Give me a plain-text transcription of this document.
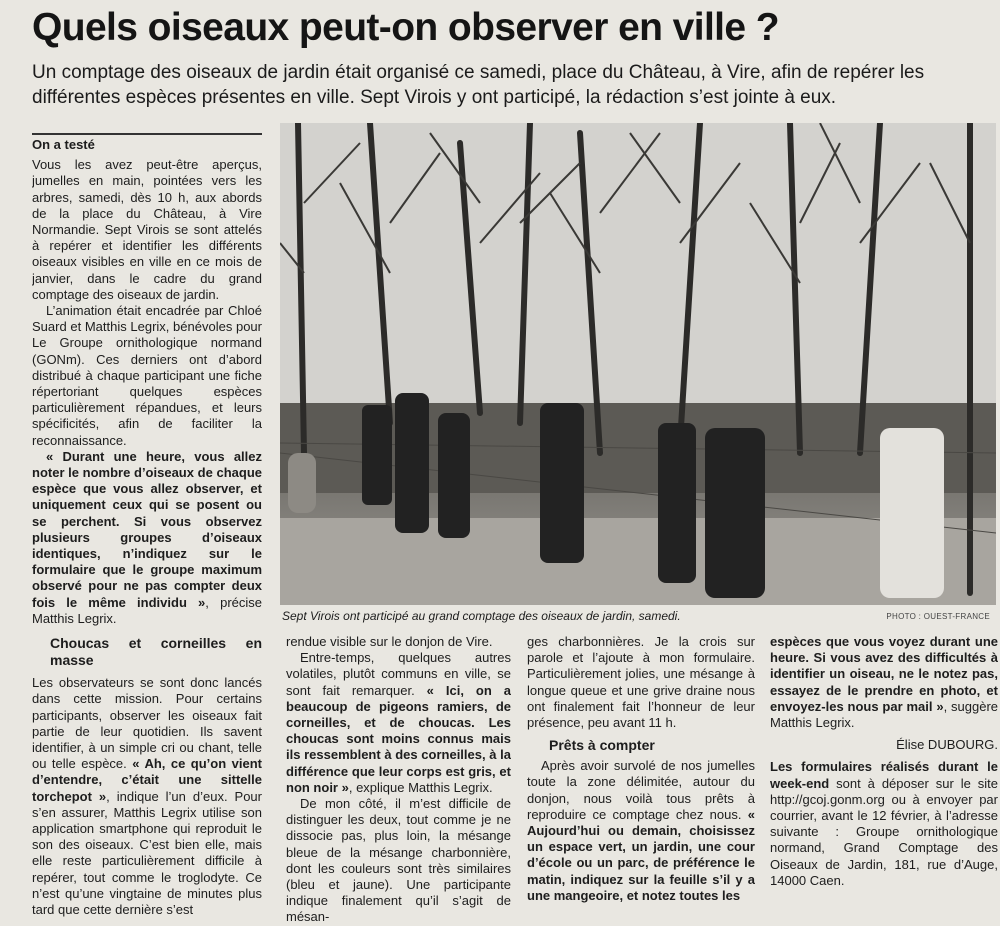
Quels oiseaux peut-on observer en ville ?
Un comptage des oiseaux de jardin était organisé ce samedi, place du Château, à Vire, afin de repérer les différentes espèces présentes en ville. Sept Virois y ont participé, la rédaction s’est jointe à eux.
On a testé

Vous les avez peut-être aperçus, jumelles en main, pointées vers les arbres, samedi, dès 10 h, aux abords de la place du Château, à Vire Normandie. Sept Virois se sont attelés à repérer et identifier les différents oiseaux visibles en ville en ce mois de janvier, dans le cadre du grand comptage des oiseaux de jardin.

L’animation était encadrée par Chloé Suard et Matthis Legrix, bénévoles pour Le Groupe ornithologique normand (GONm). Ces derniers ont d’abord distribué à chaque participant une fiche répertoriant quelques espèces particulièrement répandues, et leurs spécificités, afin de faciliter la reconnaissance.

« Durant une heure, vous allez noter le nombre d’oiseaux de chaque espèce que vous allez observer, et uniquement ceux qui se posent ou se perchent. Si vous observez plusieurs groupes d’oiseaux identiques, n’indiquez sur le formulaire que le groupe maximum observé pour ne pas compter deux fois le même individu », précise Matthis Legrix.

Choucas et corneilles en masse

Les observateurs se sont donc lancés dans cette mission. Pour certains participants, observer les oiseaux fait partie de leur quotidien. Ils savent identifier, à un simple cri ou chant, telle ou telle espèce. « Ah, ce qu’on vient d’entendre, c’était une sittelle torchepot », indique l’un d’eux. Pour s’en assurer, Matthis Legrix utilise son application smartphone qui reproduit le son des oiseaux. C’est bien elle, mais elle reste particulièrement difficile à repérer, tout comme le troglodyte. Ce n’est qu’une vingtaine de minutes plus tard que cette dernière s’est

Sept Virois ont participé au grand comptage des oiseaux de jardin, samedi.	PHOTO : OUEST-FRANCE

rendue visible sur le donjon de Vire.

Entre-temps, quelques autres volatiles, plutôt communs en ville, se sont fait remarquer. « Ici, on a beaucoup de pigeons ramiers, de corneilles, et de choucas. Les choucas sont moins connus mais ils ressemblent à des corneilles, à la différence que leur corps est gris, et non noir », explique Matthis Legrix.

De mon côté, il m’est difficile de distinguer les deux, tout comme je ne dissocie pas, plus loin, la mésange bleue de la mésange charbonnière, dont les couleurs sont très similaires (bleu et jaune). Une participante indique finalement qu’il s’agit de mésan-

ges charbonnières. Je la crois sur parole et l’ajoute à mon formulaire. Particulièrement jolies, une mésange à longue queue et une grive draine nous ont finalement fait l’honneur de leur présence, peu avant 11 h.

Prêts à compter

Après avoir survolé de nos jumelles toute la zone délimitée, autour du donjon, nous voilà tous prêts à reproduire ce comptage chez nous. « Aujourd’hui ou demain, choisissez un espace vert, un jardin, une cour d’école ou un parc, de préférence le matin, indiquez sur la feuille s’il y a une mangeoire, et notez toutes les

espèces que vous voyez durant une heure. Si vous avez des difficultés à identifier un oiseau, ne le notez pas, essayez de le prendre en photo, et envoyez-les nous par mail », suggère Matthis Legrix.

Élise DUBOURG.

Les formulaires réalisés durant le week-end sont à déposer sur le site http://gcoj.gonm.org ou à envoyer par courrier, avant le 12 février, à l’adresse suivante : Groupe ornithologique normand, Grand Comptage des Oiseaux de Jardin, 181, rue d’Auge, 14000 Caen.
